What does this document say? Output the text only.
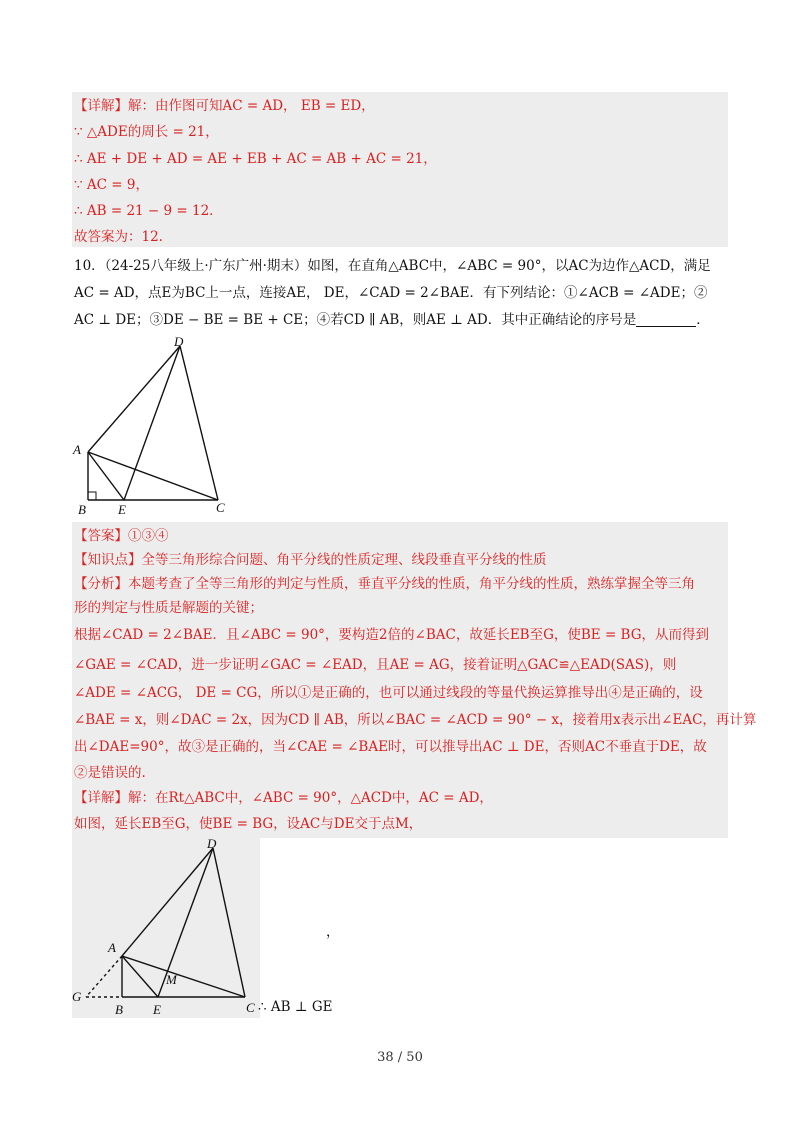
【详解】解：由作图可知AC = AD， EB = ED，
∵ △ADE的周长 = 21，
∴ AE + DE + AD = AE + EB + AC = AB + AC = 21，
∵ AC = 9，
∴ AB = 21 − 9 = 12．
故答案为：12.
10．（24-25八年级上·广东广州·期末）如图，在直角△ABC中，∠ABC = 90°，以AC为边作△ACD，满足
AC = AD，点E为BC上一点，连接AE， DE，∠CAD = 2∠BAE．有下列结论：①∠ACB = ∠ADE；②
AC ⊥ DE；③DE − BE = BE + CE；④若CD ∥ AB，则AE ⊥ AD．其中正确结论的序号是	．
D
A
B E	C
【答案】①③④
【知识点】全等三角形综合问题、角平分线的性质定理、线段垂直平分线的性质
【分析】本题考查了全等三角形的判定与性质，垂直平分线的性质，角平分线的性质，熟练掌握全等三角
形的判定与性质是解题的关键；
根据∠CAD = 2∠BAE．且∠ABC = 90°，要构造2倍的∠BAC，故延长EB至G，使BE = BG，从而得到
∠GAE = ∠CAD，进一步证明∠GAC = ∠EAD，且AE = AG，接着证明△GAC≌△EAD(SAS)，则
∠ADE = ∠ACG， DE = CG，所以①是正确的，也可以通过线段的等量代换运算推导出④是正确的，设
∠BAE = x，则∠DAC = 2x，因为CD ∥ AB，所以∠BAC = ∠ACD = 90° − x，接着用x表示出∠EAC，再计算
出∠DAE=90°，故③是正确的，当∠CAE = ∠BAE时，可以推导出AC ⊥ DE，否则AC不垂直于DE，故
②是错误的.
【详解】解：在Rt△ABC中，∠ABC = 90°，△ACD中，AC = AD，
如图，延长EB至G，使BE = BG，设AC与DE交于点M，
D
A
M
G
B E	C
，
∴ AB ⊥ GE
38 / 50
